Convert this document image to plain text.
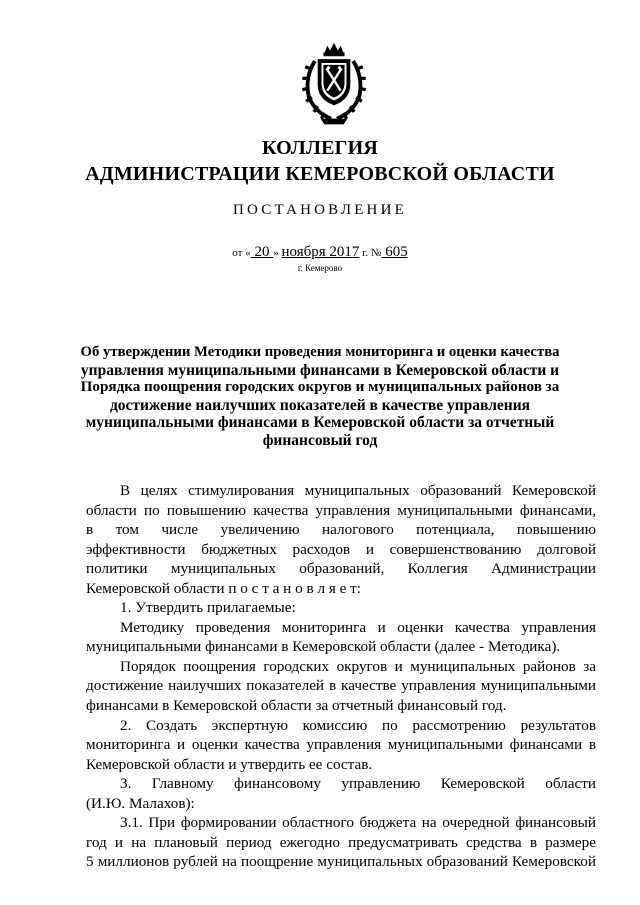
КОЛЛЕГИЯ
АДМИНИСТРАЦИИ КЕМЕРОВСКОЙ ОБЛАСТИ
ПОСТАНОВЛЕНИЕ
от « 20 » ноября 2017 г. № 605
г. Кемерово
Об утверждении Методики проведения мониторинга и оценки качества
управления муниципальными финансами в Кемеровской области и
Порядка поощрения городских округов и муниципальных районов за
достижение наилучших показателей в качестве управления
муниципальными финансами в Кемеровской области за отчетный
финансовый год
В целях стимулирования муниципальных образований Кемеровской
области по повышению качества управления муниципальными финансами,
в том числе увеличению налогового потенциала, повышению
эффективности бюджетных расходов и совершенствованию долговой
политики муниципальных образований, Коллегия Администрации
Кемеровской области п о с т а н о в л я е т:
1. Утвердить прилагаемые:
Методику проведения мониторинга и оценки качества управления
муниципальными финансами в Кемеровской области (далее - Методика).
Порядок поощрения городских округов и муниципальных районов за
достижение наилучших показателей в качестве управления муниципальными
финансами в Кемеровской области за отчетный финансовый год.
2. Создать экспертную комиссию по рассмотрению результатов
мониторинга и оценки качества управления муниципальными финансами в
Кемеровской области и утвердить ее состав.
3. Главному финансовому управлению Кемеровской области
(И.Ю. Малахов):
3.1. При формировании областного бюджета на очередной финансовый
год и на плановый период ежегодно предусматривать средства в размере
5 миллионов рублей на поощрение муниципальных образований Кемеровской
